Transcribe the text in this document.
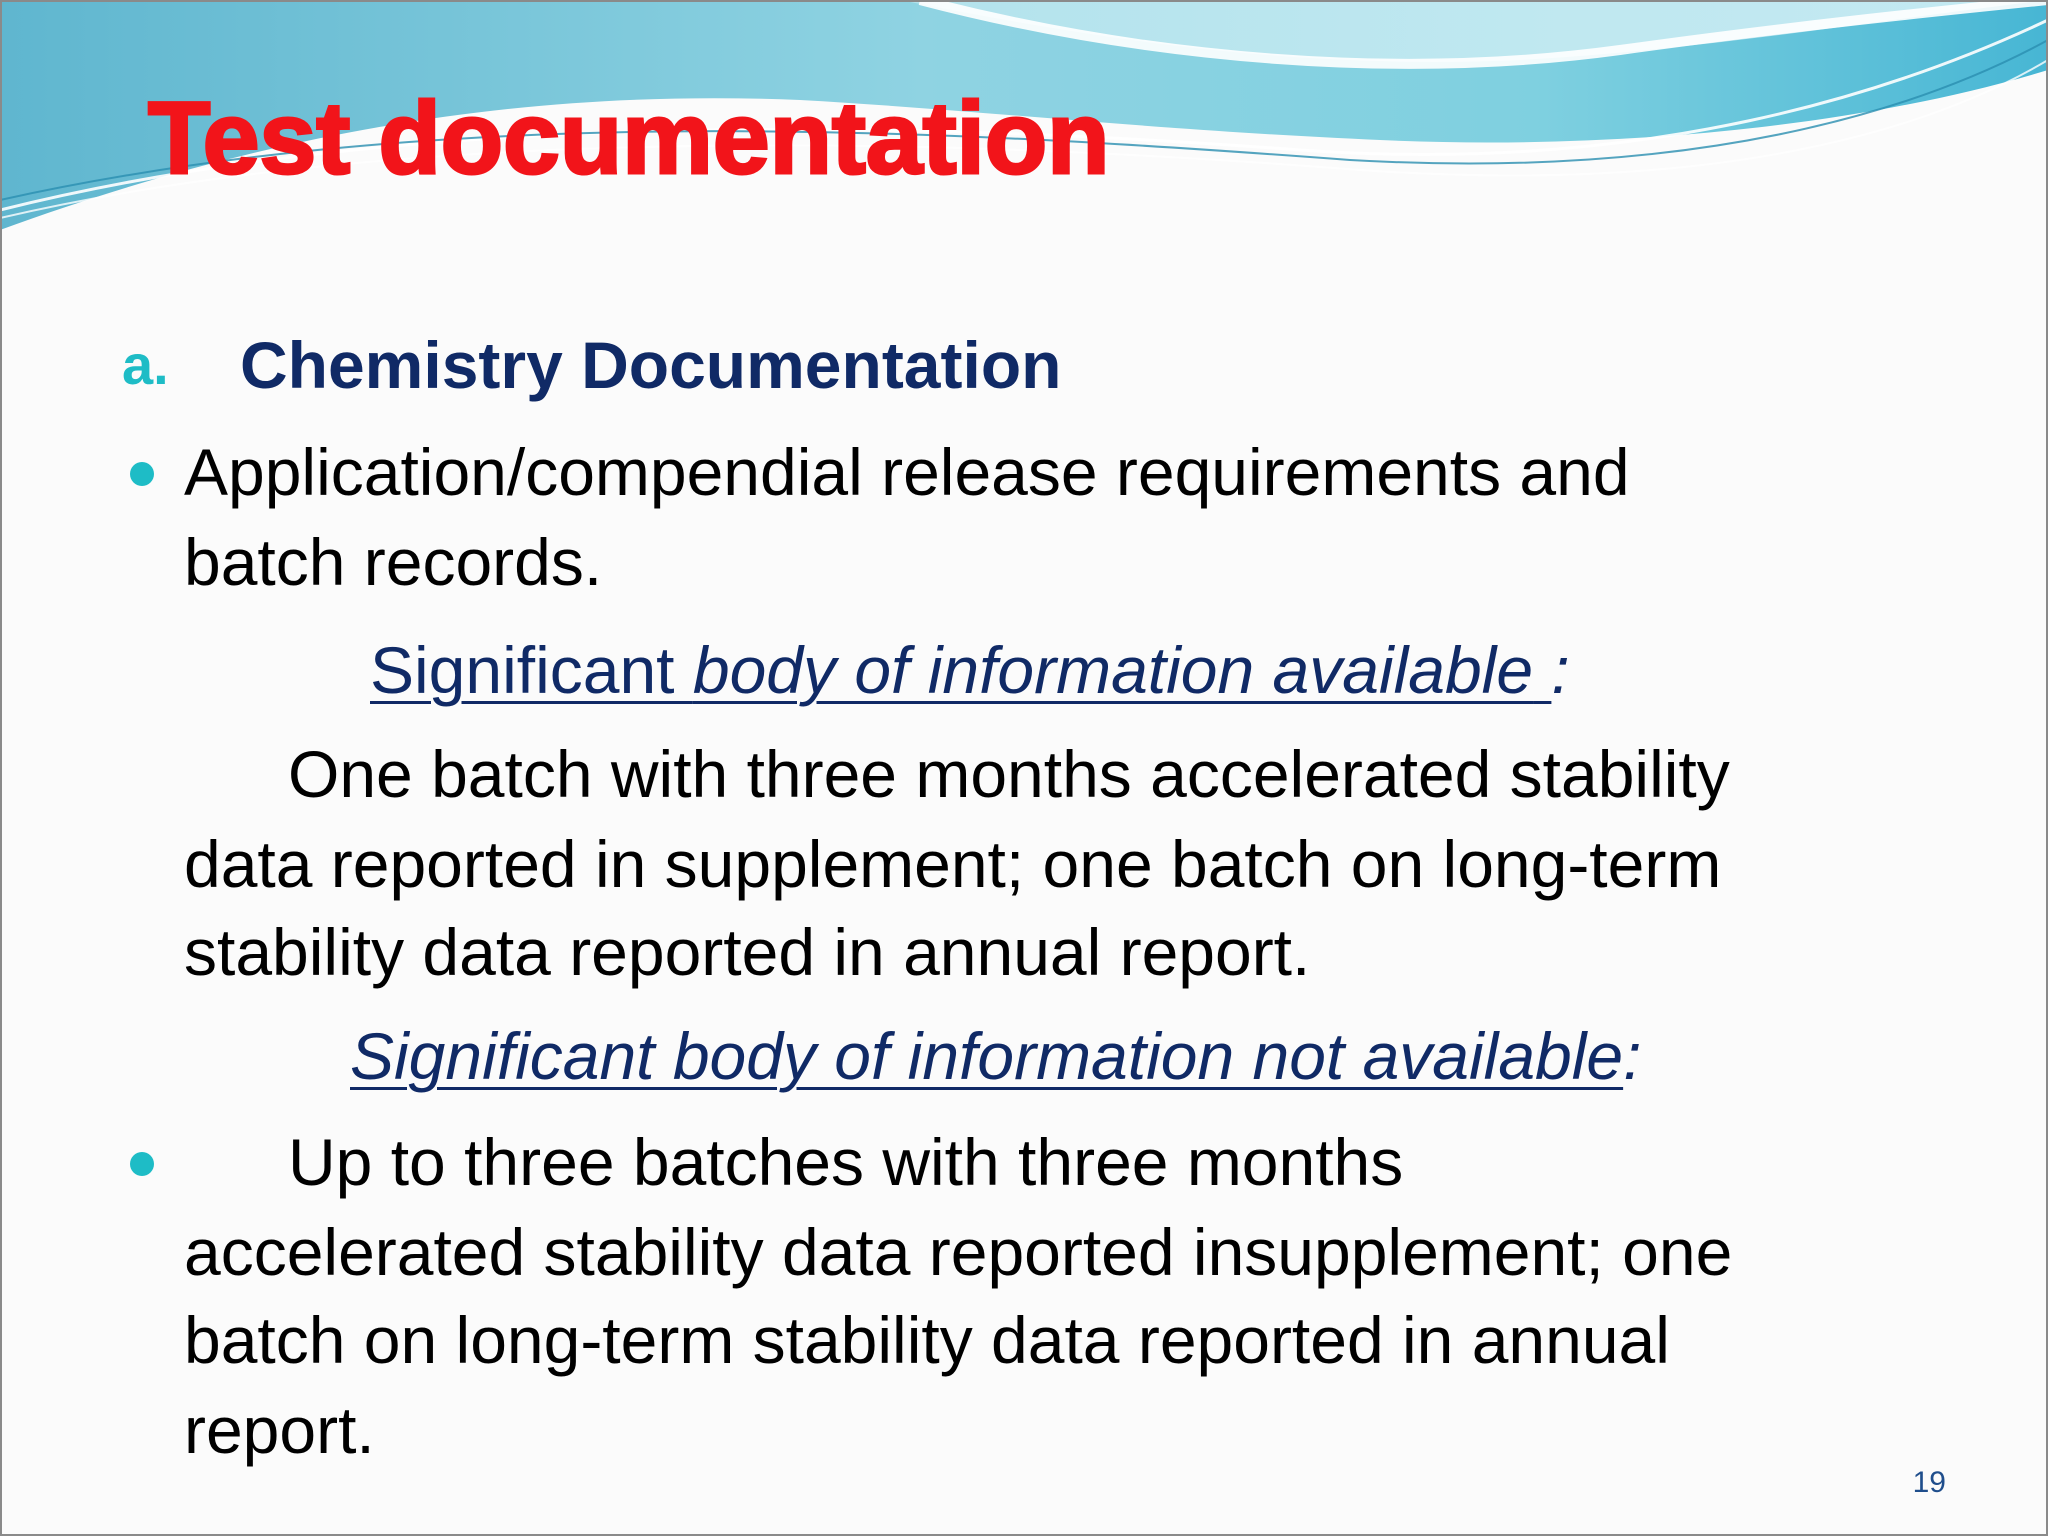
Test documentation
a. Chemistry Documentation
Application/compendial release requirements and
batch records.
Significant body of information available :
One batch with three months accelerated stability
data reported in supplement; one batch on long-term
stability data reported in annual report.
Significant body of information not available:
Up to three batches with three months
accelerated stability data reported insupplement; one
batch on long-term stability data reported in annual
report.
19
